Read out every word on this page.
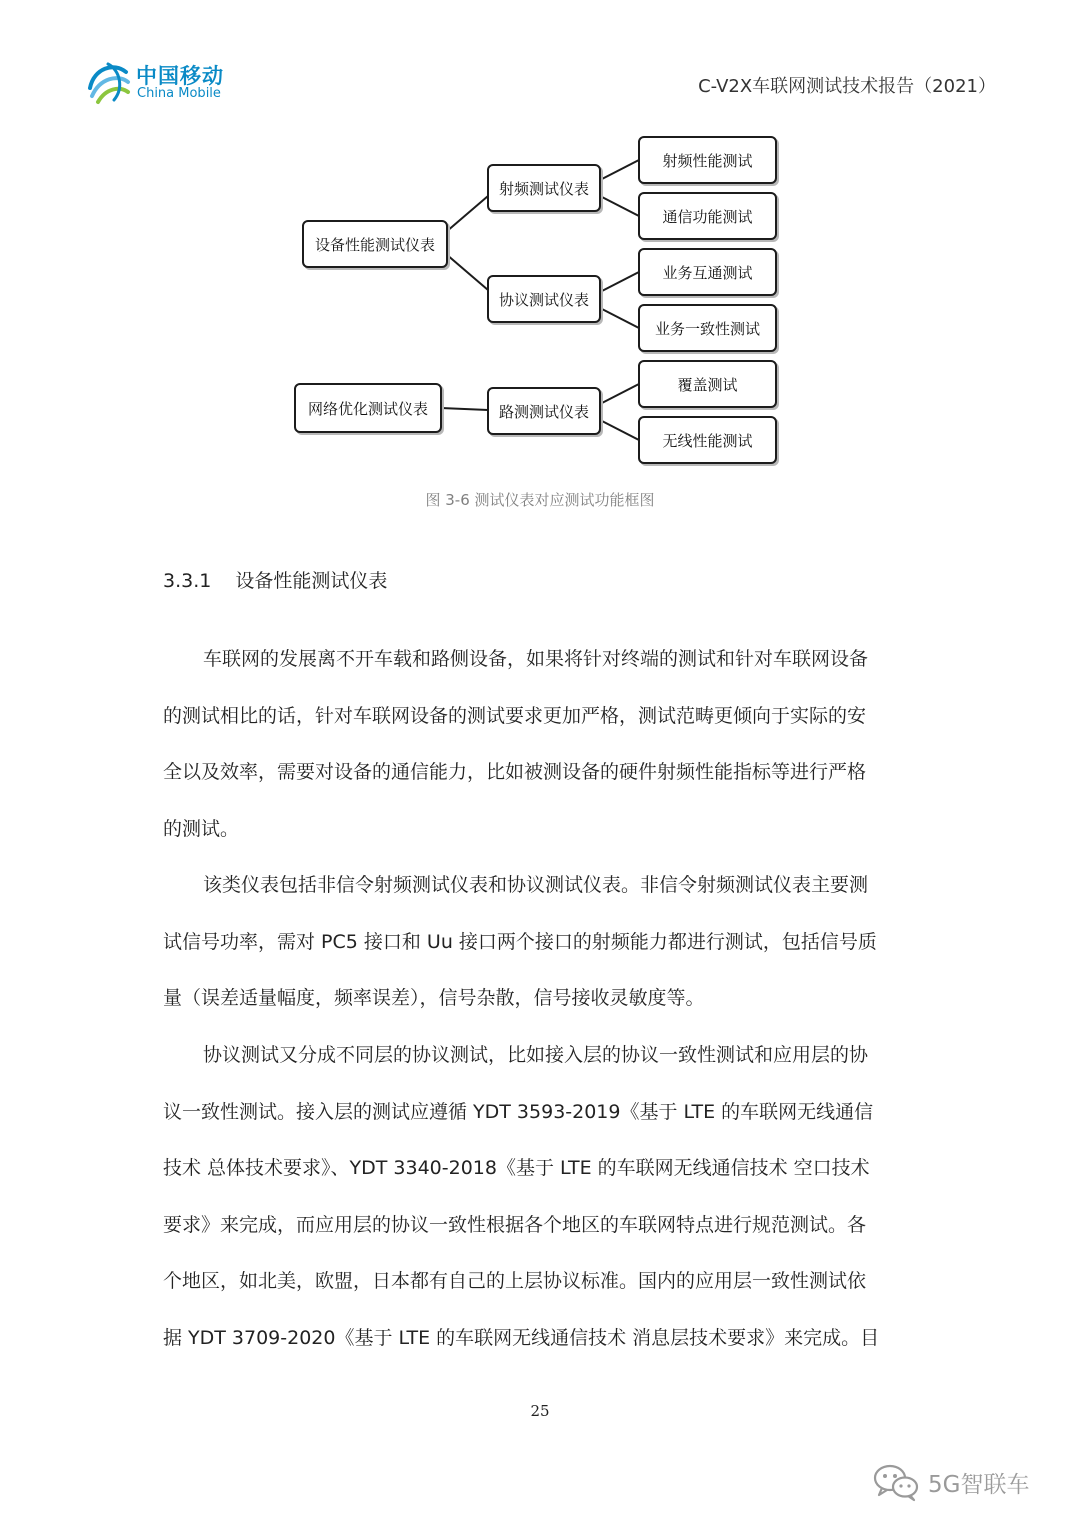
中国移动
China Mobile	C-V2X车联网测试技术报告（2021）
设备性能测试仪表
网络优化测试仪表
射频测试仪表
协议测试仪表
路测测试仪表
射频性能测试
通信功能测试
业务互通测试
业务一致性测试
覆盖测试
无线性能测试
图 3-6 测试仪表对应测试功能框图
3.3.1 设备性能测试仪表

车联网的发展离不开车载和路侧设备，如果将针对终端的测试和针对车联网设备
的测试相比的话，针对车联网设备的测试要求更加严格，测试范畴更倾向于实际的安
全以及效率，需要对设备的通信能力，比如被测设备的硬件射频性能指标等进行严格
的测试。

该类仪表包括非信令射频测试仪表和协议测试仪表。非信令射频测试仪表主要测
试信号功率，需对 PC5 接口和 Uu 接口两个接口的射频能力都进行测试，包括信号质
量（误差适量幅度，频率误差），信号杂散，信号接收灵敏度等。

协议测试又分成不同层的协议测试，比如接入层的协议一致性测试和应用层的协
议一致性测试。接入层的测试应遵循 YDT 3593-2019《基于 LTE 的车联网无线通信
技术 总体技术要求》、YDT 3340-2018《基于 LTE 的车联网无线通信技术 空口技术
要求》来完成，而应用层的协议一致性根据各个地区的车联网特点进行规范测试。各
个地区，如北美，欧盟，日本都有自己的上层协议标准。国内的应用层一致性测试依
据 YDT 3709-2020《基于 LTE 的车联网无线通信技术 消息层技术要求》来完成。目

25
5G智联车
